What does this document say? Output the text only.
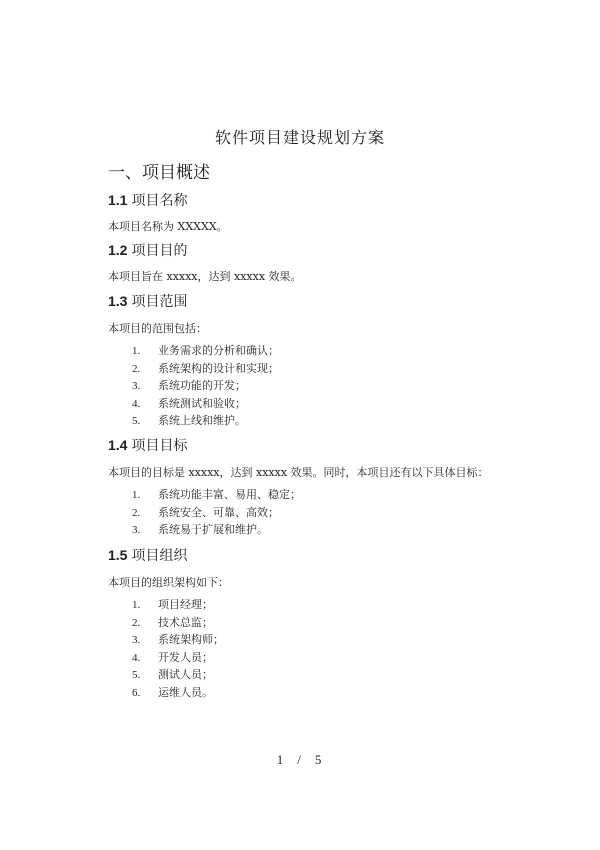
软件项目建设规划方案
一、项目概述
1.1 项目名称
本项目名称为 XXXXX。
1.2 项目目的
本项目旨在 xxxxx，达到 xxxxx 效果。
1.3 项目范围
本项目的范围包括：
1. 业务需求的分析和确认；
2. 系统架构的设计和实现；
3. 系统功能的开发；
4. 系统测试和验收；
5. 系统上线和维护。
1.4 项目目标
本项目的目标是 xxxxx，达到 xxxxx 效果。同时，本项目还有以下具体目标：
1. 系统功能丰富、易用、稳定；
2. 系统安全、可靠、高效；
3. 系统易于扩展和维护。
1.5 项目组织
本项目的组织架构如下：
1. 项目经理；
2. 技术总监；
3. 系统架构师；
4. 开发人员；
5. 测试人员；
6. 运维人员。
1 / 5
